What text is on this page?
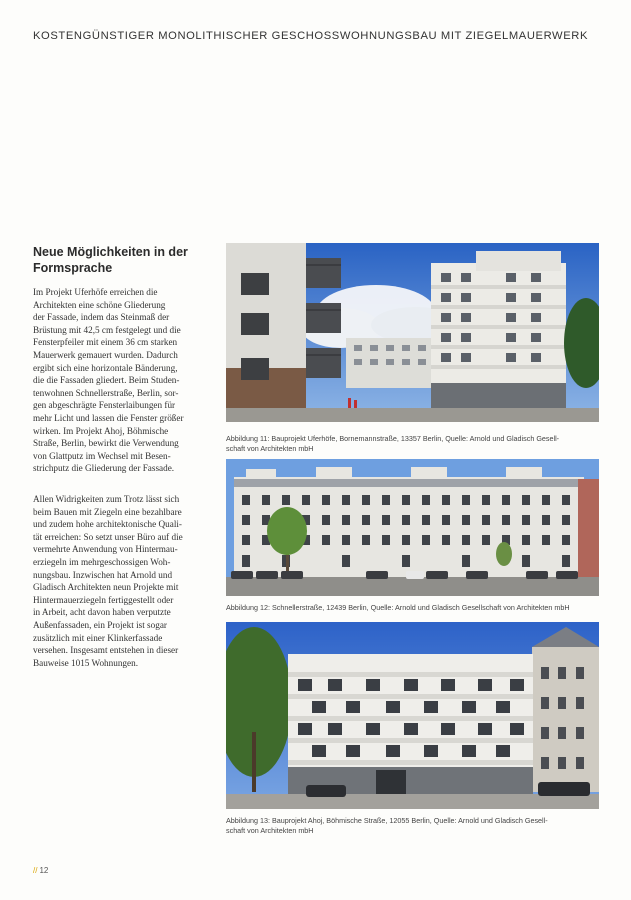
KOSTENGÜNSTIGER MONOLITHISCHER GESCHOSSWOHNUNGSBAU MIT ZIEGELMAUERWERK
Neue Möglichkeiten in der
Formsprache
Im Projekt Uferhöfe erreichen die
Architekten eine schöne Gliederung
der Fassade, indem das Steinmaß der
Brüstung mit 42,5 cm festgelegt und die
Fensterpfeiler mit einem 36 cm starken
Mauerwerk gemauert wurden. Dadurch
ergibt sich eine horizontale Bänderung,
die die Fassaden gliedert. Beim Studen-
tenwohnen Schnellerstraße, Berlin, sor-
gen abgeschrägte Fensterlaibungen für
mehr Licht und lassen die Fenster größer
wirken. Im Projekt Ahoj, Böhmische
Straße, Berlin, bewirkt die Verwendung
von Glattputz im Wechsel mit Besen-
strichputz die Gliederung der Fassade.
Allen Widrigkeiten zum Trotz lässt sich
beim Bauen mit Ziegeln eine bezahlbare
und zudem hohe architektonische Quali-
tät erreichen: So setzt unser Büro auf die
vermehrte Anwendung von Hintermau-
erziegeln im mehrgeschossigen Woh-
nungsbau. Inzwischen hat Arnold und
Gladisch Architekten neun Projekte mit
Hintermauerziegeln fertiggestellt oder
in Arbeit, acht davon haben verputzte
Außenfassaden, ein Projekt ist sogar
zusätzlich mit einer Klinkerfassade
versehen. Insgesamt entstehen in dieser
Bauweise 1015 Wohnungen.
Abbildung 11: Bauprojekt Uferhöfe, Bornemannstraße, 13357 Berlin, Quelle: Arnold und Gladisch Gesell-
schaft von Architekten mbH
Abbildung 12: Schnellerstraße, 12439 Berlin, Quelle: Arnold und Gladisch Gesellschaft von Architekten mbH
Abbildung 13: Bauprojekt Ahoj, Böhmische Straße, 12055 Berlin, Quelle: Arnold und Gladisch Gesell-
schaft von Architekten mbH
// 12
